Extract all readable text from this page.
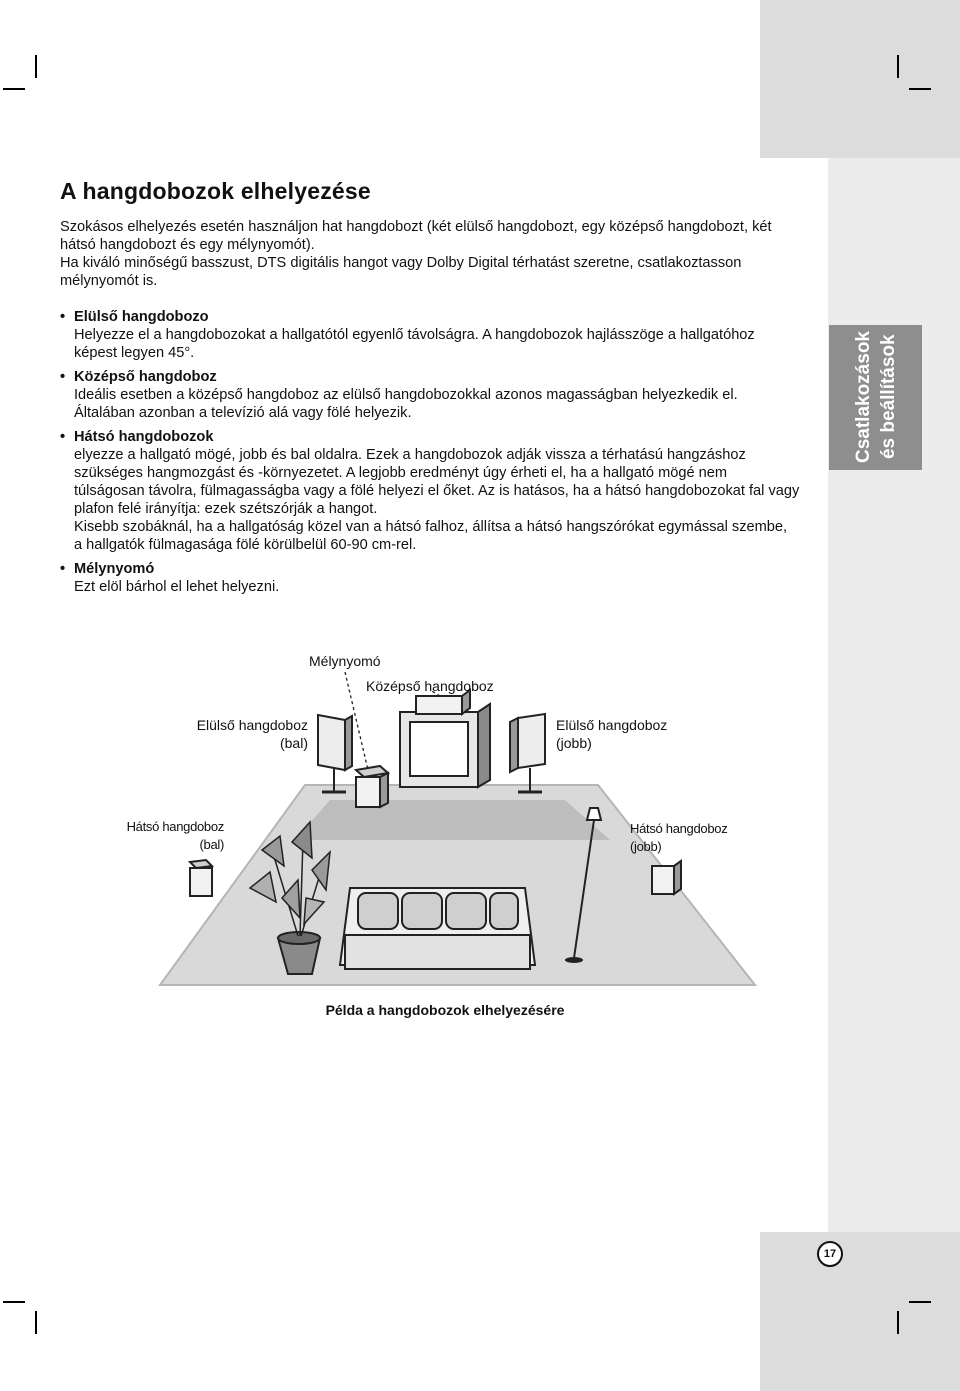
Csatlakozások és beállítások
A hangdobozok elhelyezése

Szokásos elhelyezés esetén használjon hat hangdobozt (két elülső hangdobozt, egy középső hangdobozt, két hátsó hangdobozt és egy mélynyomót).

Ha kiváló minőségű basszust, DTS digitális hangot vagy Dolby Digital térhatást szeretne, csatlakoztasson mélynyomót is.

• Elülső hangdobozo

Helyezze el a hangdobozokat a hallgatótól egyenlő távolságra. A hangdobozok hajlásszöge a hallgatóhoz képest legyen 45°.

• Középső hangdoboz

Ideális esetben a középső hangdoboz az elülső hangdobozokkal azonos magasságban helyezkedik el. Általában azonban a televízió alá vagy fölé helyezik.

• Hátsó hangdobozok

elyezze a hallgató mögé, jobb és bal oldalra. Ezek a hangdobozok adják vissza a térhatású hangzáshoz szükséges hangmozgást és -környezetet. A legjobb eredményt úgy érheti el, ha a hallgató mögé nem túlságosan távolra, fülmagasságba vagy a fölé helyezi el őket. Az is hatásos, ha a hátsó hangdobozokat fal vagy plafon felé irányítja: ezek szétszórják a hangot.

Kisebb szobáknál, ha a hallgatóság közel van a hátsó falhoz, állítsa a hátsó hangszórókat egymással szembe,

a hallgatók fülmagasága fölé körülbelül 60-90 cm-rel.

• Mélynyomó

Ezt elöl bárhol el lehet helyezni.

Mélynyomó
Középső hangdoboz
Elülső hangdoboz
(bal)
Elülső hangdoboz
(jobb)
Hátsó hangdoboz
(bal)
Hátsó hangdoboz
(jobb)
Példa a hangdobozok elhelyezésére
17
